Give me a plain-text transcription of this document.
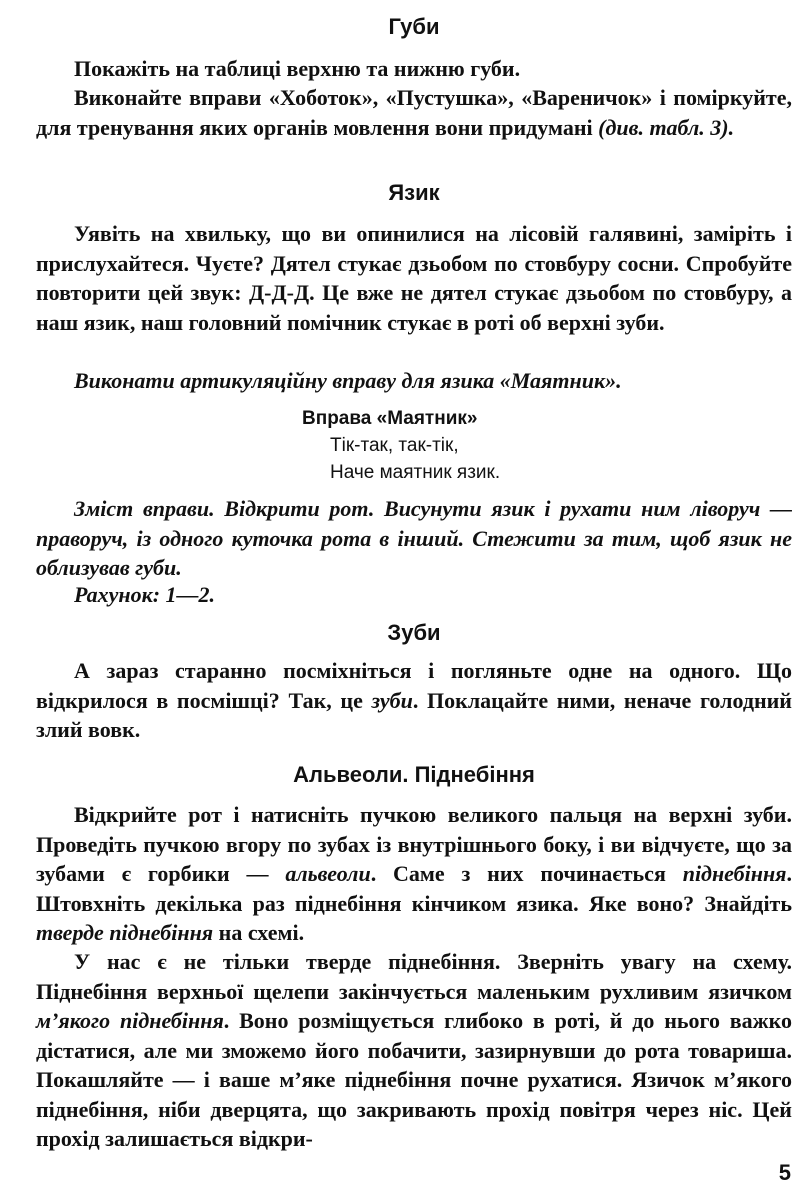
Губи

Покажіть на таблиці верхню та нижню губи.

Виконайте вправи «Хоботок», «Пустушка», «Вареничок» і поміркуйте, для тренування яких органів мовлення вони придумані (див. табл. 3).

Язик

Уявіть на хвильку, що ви опинилися на лісовій галявині, заміріть і прислухайтеся. Чуєте? Дятел стукає дзьобом по стовбуру сосни. Спробуйте повторити цей звук: Д-Д-Д. Це вже не дятел стукає дзьобом по стовбуру, а наш язик, наш головний помічник стукає в роті об верхні зуби.

Виконати артикуляційну вправу для язика «Маятник».

Вправа «Маятник»
Тік-так, так-тік,
Наче маятник язик.

Зміст вправи. Відкрити рот. Висунути язик і рухати ним ліворуч — праворуч, із одного куточка рота в інший. Стежити за тим, щоб язик не облизував губи.

Рахунок: 1—2.

Зуби

А зараз старанно посміхніться і погляньте одне на одного. Що відкрилося в посмішці? Так, це зуби. Поклацайте ними, неначе голодний злий вовк.

Альвеоли. Піднебіння

Відкрийте рот і натисніть пучкою великого пальця на верхні зуби. Проведіть пучкою вгору по зубах із внутрішнього боку, і ви відчуєте, що за зубами є горбики — альвеоли. Саме з них починається піднебіння. Штовхніть декілька раз піднебіння кінчиком язика. Яке воно? Знайдіть тверде піднебіння на схемі.

У нас є не тільки тверде піднебіння. Зверніть увагу на схему. Піднебіння верхньої щелепи закінчується маленьким рухливим язичком м’якого піднебіння. Воно розміщується глибоко в роті, й до нього важко дістатися, але ми зможемо його побачити, зазирнувши до рота товариша. Покашляйте — і ваше м’яке піднебіння почне рухатися. Язичок м’якого піднебіння, ніби дверцята, що закривають прохід повітря через ніс. Цей прохід залишається відкри-

5
